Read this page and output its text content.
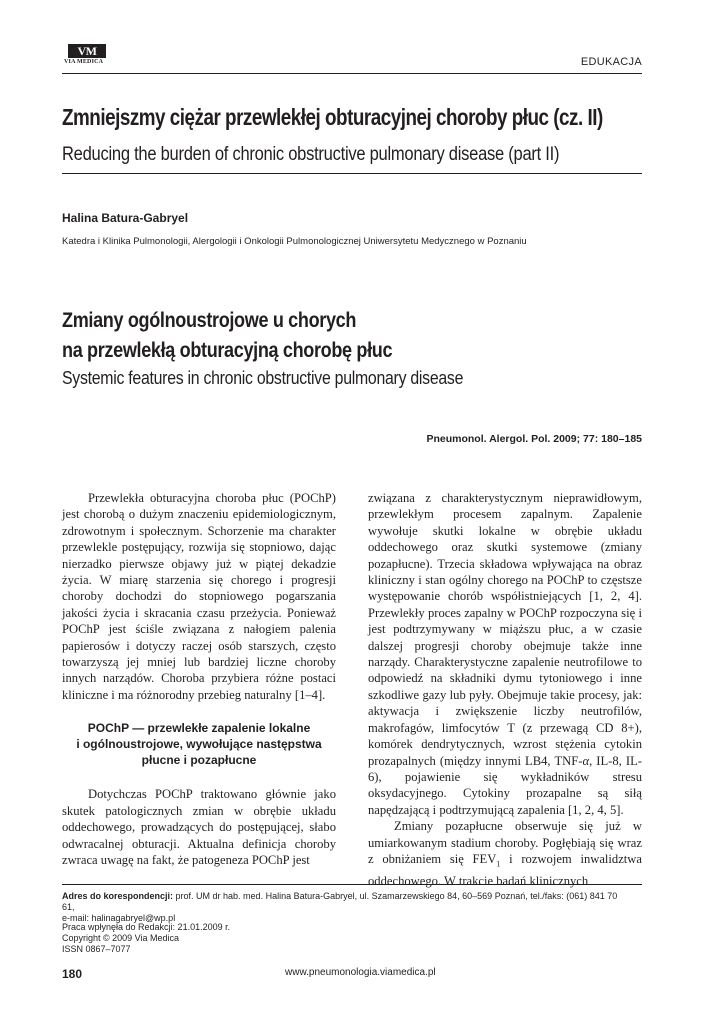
VM
VIA MEDICA	EDUKACJA
Zmniejszmy ciężar przewlekłej obturacyjnej choroby płuc (cz. II)
Reducing the burden of chronic obstructive pulmonary disease (part II)
Halina Batura-Gabryel
Katedra i Klinika Pulmonologii, Alergologii i Onkologii Pulmonologicznej Uniwersytetu Medycznego w Poznaniu
Zmiany ogólnoustrojowe u chorych
na przewlekłą obturacyjną chorobę płuc
Systemic features in chronic obstructive pulmonary disease
Pneumonol. Alergol. Pol. 2009; 77: 180–185

Przewlekła obturacyjna choroba płuc (POChP) jest chorobą o dużym znaczeniu epidemiologicznym, zdrowotnym i społecznym. Schorzenie ma charakter przewlekle postępujący, rozwija się stopniowo, dając nierzadko pierwsze objawy już w piątej dekadzie życia. W miarę starzenia się chorego i progresji choroby dochodzi do stopniowego pogarszania jakości życia i skracania czasu przeżycia. Ponieważ POChP jest ściśle związana z nałogiem palenia papierosów i dotyczy raczej osób starszych, często towarzyszą jej mniej lub bardziej liczne choroby innych narządów. Choroba przybiera różne postaci kliniczne i ma różnorodny przebieg naturalny [1–4].

POChP — przewlekłe zapalenie lokalne
i ogólnoustrojowe, wywołujące następstwa
płucne i pozapłucne

Dotychczas POChP traktowano głównie jako skutek patologicznych zmian w obrębie układu oddechowego, prowadzących do postępującej, słabo odwracalnej obturacji. Aktualna definicja choroby zwraca uwagę na fakt, że patogeneza POChP jest

związana z charakterystycznym nieprawidłowym, przewlekłym procesem zapalnym. Zapalenie wywołuje skutki lokalne w obrębie układu oddechowego oraz skutki systemowe (zmiany pozapłucne). Trzecia składowa wpływająca na obraz kliniczny i stan ogólny chorego na POChP to częstsze występowanie chorób współistniejących [1, 2, 4]. Przewlekły proces zapalny w POChP rozpoczyna się i jest podtrzymywany w miąższu płuc, a w czasie dalszej progresji choroby obejmuje także inne narządy. Charakterystyczne zapalenie neutrofilowe to odpowiedź na składniki dymu tytoniowego i inne szkodliwe gazy lub pyły. Obejmuje takie procesy, jak: aktywacja i zwiększenie liczby neutrofilów, makrofagów, limfocytów T (z przewagą CD 8+), komórek dendrytycznych, wzrost stężenia cytokin prozapalnych (między innymi LB4, TNF-α, IL-8, IL-6), pojawienie się wykładników stresu oksydacyjnego. Cytokiny prozapalne są siłą napędzającą i podtrzymującą zapalenia [1, 2, 4, 5].

Zmiany pozapłucne obserwuje się już w umiarkowanym stadium choroby. Pogłębiają się wraz z obniżaniem się $FEV_1$ i rozwojem inwalidztwa oddechowego. W trakcie badań klinicznych

Adres do korespondencji: prof. UM dr hab. med. Halina Batura-Gabryel, ul. Szamarzewskiego 84, 60–569 Poznań, tel./faks: (061) 841 70 61,
e-mail: halinagabryel@wp.pl
Praca wpłynęła do Redakcji: 21.01.2009 r.
Copyright © 2009 Via Medica
ISSN 0867–7077
180	www.pneumonologia.viamedica.pl
